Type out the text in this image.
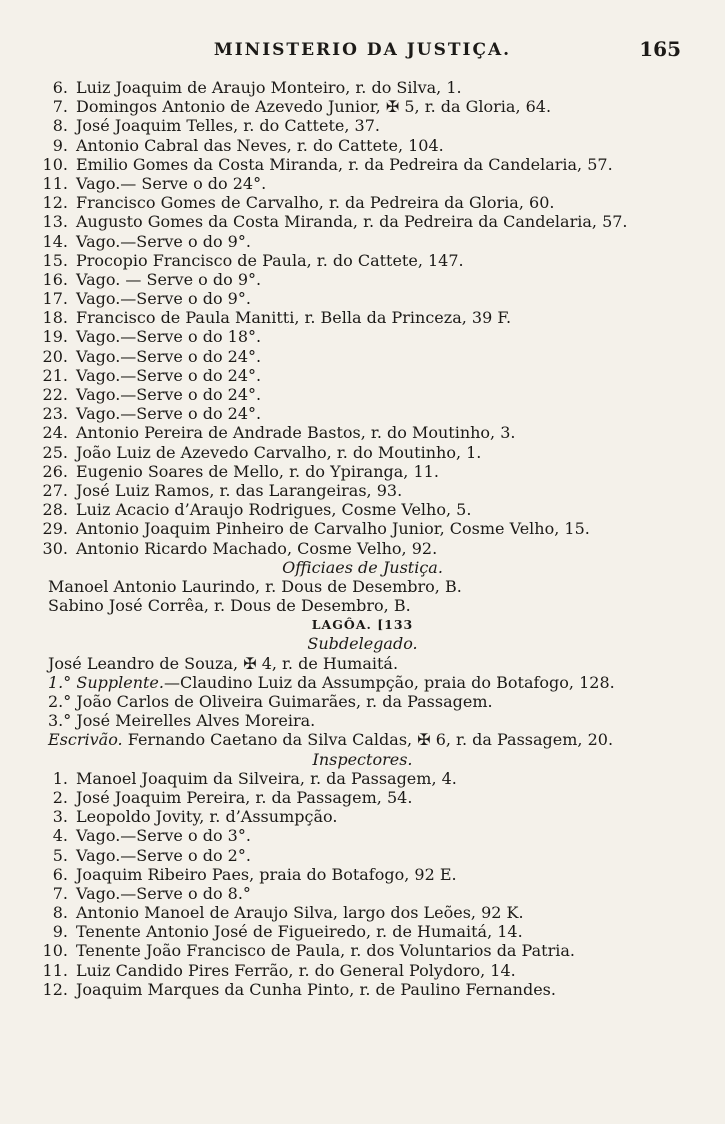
MINISTERIO DA JUSTIÇA.	165
6. Luiz Joaquim de Araujo Monteiro, r. do Silva, 1.
7. Domingos Antonio de Azevedo Junior, ✠ 5, r. da Gloria, 64.
8. José Joaquim Telles, r. do Cattete, 37.
9. Antonio Cabral das Neves, r. do Cattete, 104.
10. Emilio Gomes da Costa Miranda, r. da Pedreira da Candelaria, 57.
11. Vago.— Serve o do 24°.
12. Francisco Gomes de Carvalho, r. da Pedreira da Gloria, 60.
13. Augusto Gomes da Costa Miranda, r. da Pedreira da Candelaria, 57.
14. Vago.—Serve o do 9°.
15. Procopio Francisco de Paula, r. do Cattete, 147.
16. Vago. — Serve o do 9°.
17. Vago.—Serve o do 9°.
18. Francisco de Paula Manitti, r. Bella da Princeza, 39 F.
19. Vago.—Serve o do 18°.
20. Vago.—Serve o do 24°.
21. Vago.—Serve o do 24°.
22. Vago.—Serve o do 24°.
23. Vago.—Serve o do 24°.
24. Antonio Pereira de Andrade Bastos, r. do Moutinho, 3.
25. João Luiz de Azevedo Carvalho, r. do Moutinho, 1.
26. Eugenio Soares de Mello, r. do Ypiranga, 11.
27. José Luiz Ramos, r. das Larangeiras, 93.
28. Luiz Acacio d’Araujo Rodrigues, Cosme Velho, 5.
29. Antonio Joaquim Pinheiro de Carvalho Junior, Cosme Velho, 15.
30. Antonio Ricardo Machado, Cosme Velho, 92.
Officiaes de Justiça.
Manoel Antonio Laurindo, r. Dous de Desembro, B.
Sabino José Corrêa, r. Dous de Desembro, B.
LAGÔA. [133
Subdelegado.
José Leandro de Souza, ✠ 4, r. de Humaitá.
1.° Supplente.—Claudino Luiz da Assumpção, praia do Botafogo, 128.
2.° João Carlos de Oliveira Guimarães, r. da Passagem.
3.° José Meirelles Alves Moreira.
Escrivão. Fernando Caetano da Silva Caldas, ✠ 6, r. da Passagem, 20.
Inspectores.
1. Manoel Joaquim da Silveira, r. da Passagem, 4.
2. José Joaquim Pereira, r. da Passagem, 54.
3. Leopoldo Jovity, r. d’Assumpção.
4. Vago.—Serve o do 3°.
5. Vago.—Serve o do 2°.
6. Joaquim Ribeiro Paes, praia do Botafogo, 92 E.
7. Vago.—Serve o do 8.°
8. Antonio Manoel de Araujo Silva, largo dos Leões, 92 K.
9. Tenente Antonio José de Figueiredo, r. de Humaitá, 14.
10. Tenente João Francisco de Paula, r. dos Voluntarios da Patria.
11. Luiz Candido Pires Ferrão, r. do General Polydoro, 14.
12. Joaquim Marques da Cunha Pinto, r. de Paulino Fernandes.
